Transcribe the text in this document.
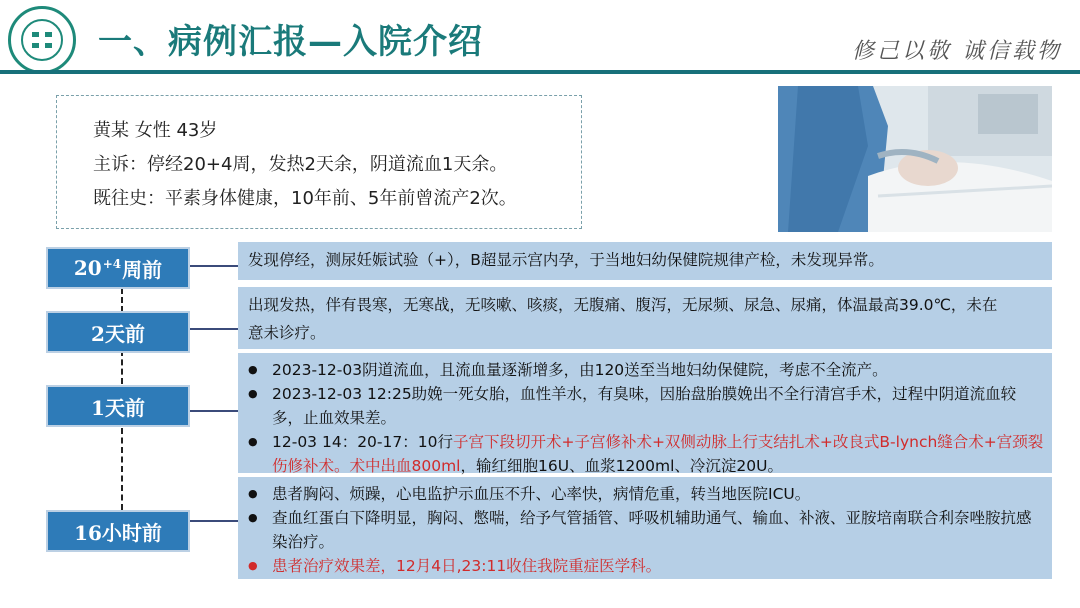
一、病例汇报—入院介绍	修己以敬 诚信载物
黄某 女性 43岁
主诉：停经20+4周，发热2天余，阴道流血1天余。
既往史：平素身体健康，10年前、5年前曾流产2次。
$20^{+4}$ 周前	发现停经，测尿妊娠试验（+），B超显示宫内孕，于当地妇幼保健院规律产检，未发现异常。
2天前
出现发热，伴有畏寒，无寒战，无咳嗽、咳痰，无腹痛、腹泻，无尿频、尿急、尿痛，体温最高39.0℃，未在意未诊疗。
1天前
● 2023-12-03阴道流血，且流血量逐渐增多，由120送至当地妇幼保健院，考虑不全流产。
● 2023-12-03 12:25助娩一死女胎，血性羊水，有臭味，因胎盘胎膜娩出不全行清宫手术，过程中阴道流血较多，止血效果差。
● 12-03 14：20-17：10行子宫下段切开术+子宫修补术+双侧动脉上行支结扎术+改良式B-lynch缝合术+宫颈裂伤修补术。术中出血800ml，输红细胞16U、血浆1200ml、冷沉淀20U。
16小时前
● 患者胸闷、烦躁，心电监护示血压不升、心率快，病情危重，转当地医院ICU。
● 查血红蛋白下降明显，胸闷、憋喘，给予气管插管、呼吸机辅助通气、输血、补液、亚胺培南联合利奈唑胺抗感染治疗。
● 患者治疗效果差，12月4日,23:11收住我院重症医学科。
